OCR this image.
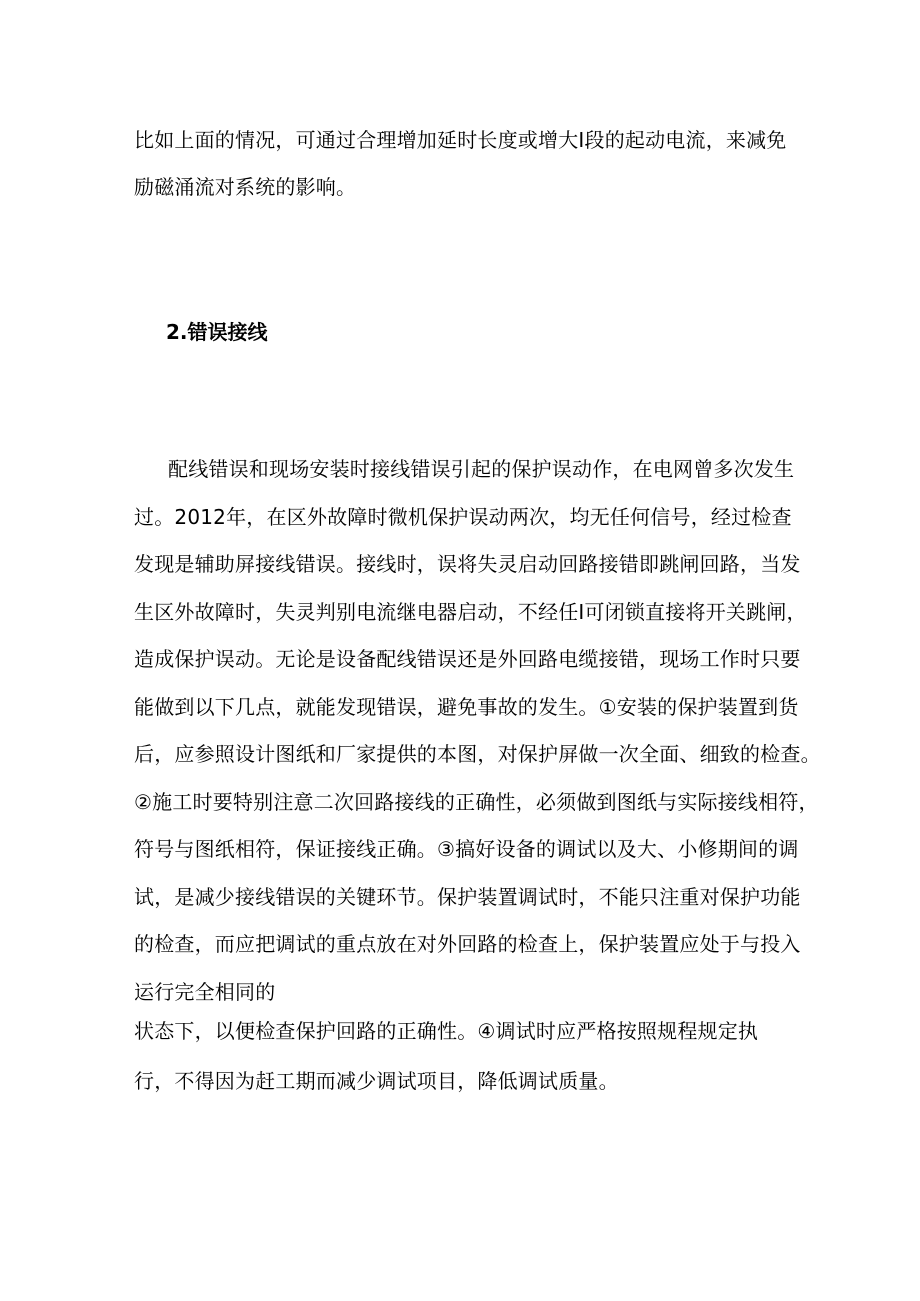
比如上面的情况，可通过合理增加延时长度或增大Ⅰ段的起动电流，来减免
励磁涌流对系统的影响。
2.错误接线
配线错误和现场安装时接线错误引起的保护误动作，在电网曾多次发生
过。2012年，在区外故障时微机保护误动两次，均无任何信号，经过检查
发现是辅助屏接线错误。接线时，误将失灵启动回路接错即跳闸回路，当发
生区外故障时，失灵判别电流继电器启动，不经任Ⅰ可闭锁直接将开关跳闸，
造成保护误动。无论是设备配线错误还是外回路电缆接错，现场工作时只要
能做到以下几点，就能发现错误，避免事故的发生。①安装的保护装置到货
后，应参照设计图纸和厂家提供的本图，对保护屏做一次全面、细致的检查。
②施工时要特别注意二次回路接线的正确性，必须做到图纸与实际接线相符，
符号与图纸相符，保证接线正确。③搞好设备的调试以及大、小修期间的调
试，是减少接线错误的关键环节。保护装置调试时，不能只注重对保护功能
的检查，而应把调试的重点放在对外回路的检查上，保护装置应处于与投入
运行完全相同的
状态下，以便检查保护回路的正确性。④调试时应严格按照规程规定执
行，不得因为赶工期而减少调试项目，降低调试质量。
